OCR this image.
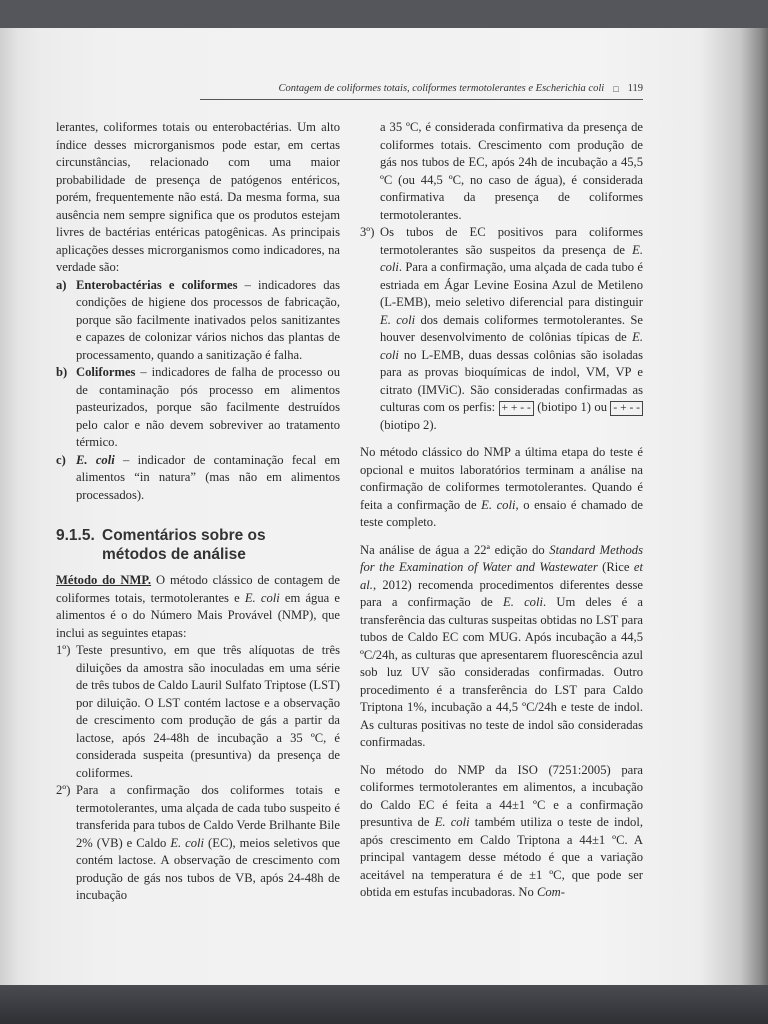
Contagem de coliformes totais, coliformes termotolerantes e Escherichia coli □ 119

lerantes, coliformes totais ou enterobactérias. Um alto índice desses microrganismos pode estar, em certas circunstâncias, relacionado com uma maior probabilidade de presença de patógenos entéricos, porém, frequentemente não está. Da mesma forma, sua ausência nem sempre significa que os produtos estejam livres de bactérias entéricas patogênicas. As principais aplicações desses microrganismos como indicadores, na verdade são:

a) Enterobactérias e coliformes – indicadores das condições de higiene dos processos de fabricação, porque são facilmente inativados pelos sanitizantes e capazes de colonizar vários nichos das plantas de processamento, quando a sanitização é falha.
b) Coliformes – indicadores de falha de processo ou de contaminação pós processo em alimentos pasteurizados, porque são facilmente destruídos pelo calor e não devem sobreviver ao tratamento térmico.
c) E. coli – indicador de contaminação fecal em alimentos “in natura” (mas não em alimentos processados).
9.1.5. Comentários sobre os
métodos de análise

Método do NMP. O método clássico de contagem de coliformes totais, termotolerantes e E. coli em água e alimentos é o do Número Mais Provável (NMP), que inclui as seguintes etapas:

1º) Teste presuntivo, em que três alíquotas de três diluições da amostra são inoculadas em uma série de três tubos de Caldo Lauril Sulfato Triptose (LST) por diluição. O LST contém lactose e a observação de crescimento com produção de gás a partir da lactose, após 24-48h de incubação a 35 ºC, é considerada suspeita (presuntiva) da presença de coliformes.
2º) Para a confirmação dos coliformes totais e termotolerantes, uma alçada de cada tubo suspeito é transferida para tubos de Caldo Verde Brilhante Bile 2% (VB) e Caldo E. coli (EC), meios seletivos que contém lactose. A observação de crescimento com produção de gás nos tubos de VB, após 24-48h de incubação

a 35 ºC, é considerada confirmativa da presença de coliformes totais. Crescimento com produção de gás nos tubos de EC, após 24h de incubação a 45,5 ºC (ou 44,5 ºC, no caso de água), é considerada confirmativa da presença de coliformes termotolerantes.

3º) Os tubos de EC positivos para coliformes termotolerantes são suspeitos da presença de E. coli. Para a confirmação, uma alçada de cada tubo é estriada em Ágar Levine Eosina Azul de Metileno (L-EMB), meio seletivo diferencial para distinguir E. coli dos demais coliformes termotolerantes. Se houver desenvolvimento de colônias típicas de E. coli no L-EMB, duas dessas colônias são isoladas para as provas bioquímicas de indol, VM, VP e citrato (IMViC). São consideradas confirmadas as culturas com os perfis: + + - - (biotipo 1) ou - + - - (biotipo 2).

No método clássico do NMP a última etapa do teste é opcional e muitos laboratórios terminam a análise na confirmação de coliformes termotolerantes. Quando é feita a confirmação de E. coli, o ensaio é chamado de teste completo.

Na análise de água a 22ª edição do Standard Methods for the Examination of Water and Wastewater (Rice et al., 2012) recomenda procedimentos diferentes desse para a confirmação de E. coli. Um deles é a transferência das culturas suspeitas obtidas no LST para tubos de Caldo EC com MUG. Após incubação a 44,5 ºC/24h, as culturas que apresentarem fluorescência azul sob luz UV são consideradas confirmadas. Outro procedimento é a transferência do LST para Caldo Triptona 1%, incubação a 44,5 ºC/24h e teste de indol. As culturas positivas no teste de indol são consideradas confirmadas.

No método do NMP da ISO (7251:2005) para coliformes termotolerantes em alimentos, a incubação do Caldo EC é feita a 44±1 ºC e a confirmação presuntiva de E. coli também utiliza o teste de indol, após crescimento em Caldo Triptona a 44±1 ºC. A principal vantagem desse método é que a variação aceitável na temperatura é de ±1 ºC, que pode ser obtida em estufas incubadoras. No Com-
